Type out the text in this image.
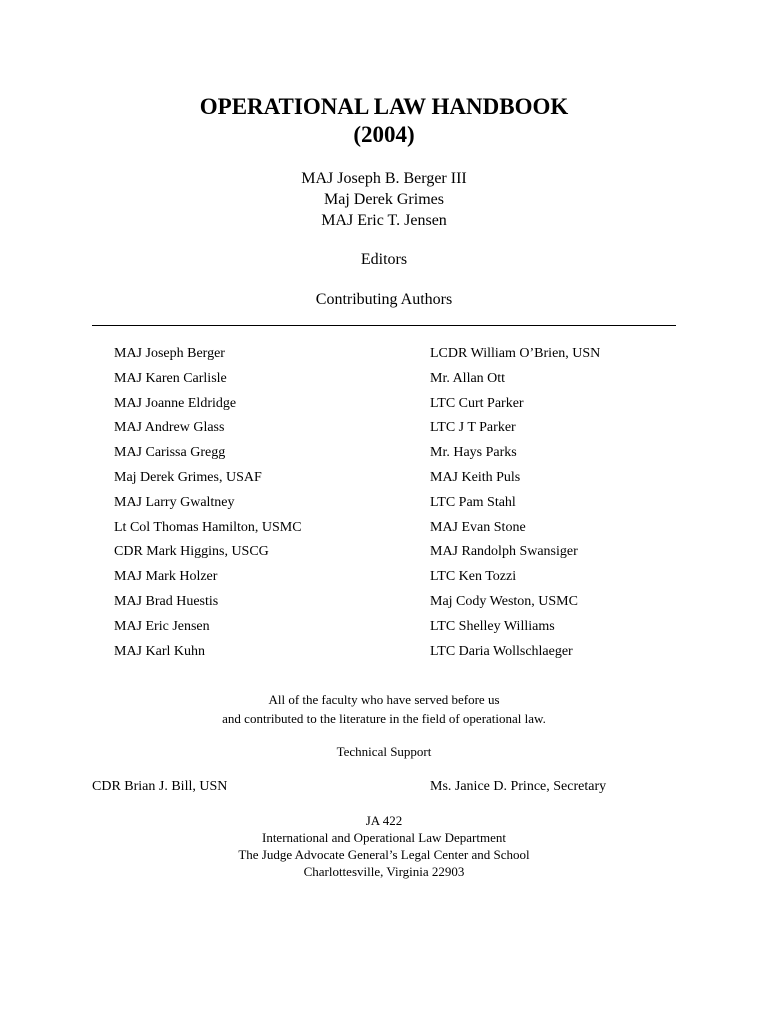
OPERATIONAL LAW HANDBOOK
(2004)
MAJ Joseph B. Berger III
Maj Derek Grimes
MAJ Eric T. Jensen
Editors
Contributing Authors
MAJ Joseph Berger
MAJ Karen Carlisle
MAJ Joanne Eldridge
MAJ Andrew Glass
MAJ Carissa Gregg
Maj Derek Grimes, USAF
MAJ Larry Gwaltney
Lt Col Thomas Hamilton, USMC
CDR Mark Higgins, USCG
MAJ Mark Holzer
MAJ Brad Huestis
MAJ Eric Jensen
MAJ Karl Kuhn
LCDR William O’Brien, USN
Mr. Allan Ott
LTC Curt Parker
LTC J T Parker
Mr. Hays Parks
MAJ Keith Puls
LTC Pam Stahl
MAJ Evan Stone
MAJ Randolph Swansiger
LTC Ken Tozzi
Maj Cody Weston, USMC
LTC Shelley Williams
LTC Daria Wollschlaeger
All of the faculty who have served before us
and contributed to the literature in the field of operational law.
Technical Support
CDR Brian J. Bill, USN	Ms. Janice D. Prince, Secretary
JA 422
International and Operational Law Department
The Judge Advocate General’s Legal Center and School
Charlottesville, Virginia 22903
